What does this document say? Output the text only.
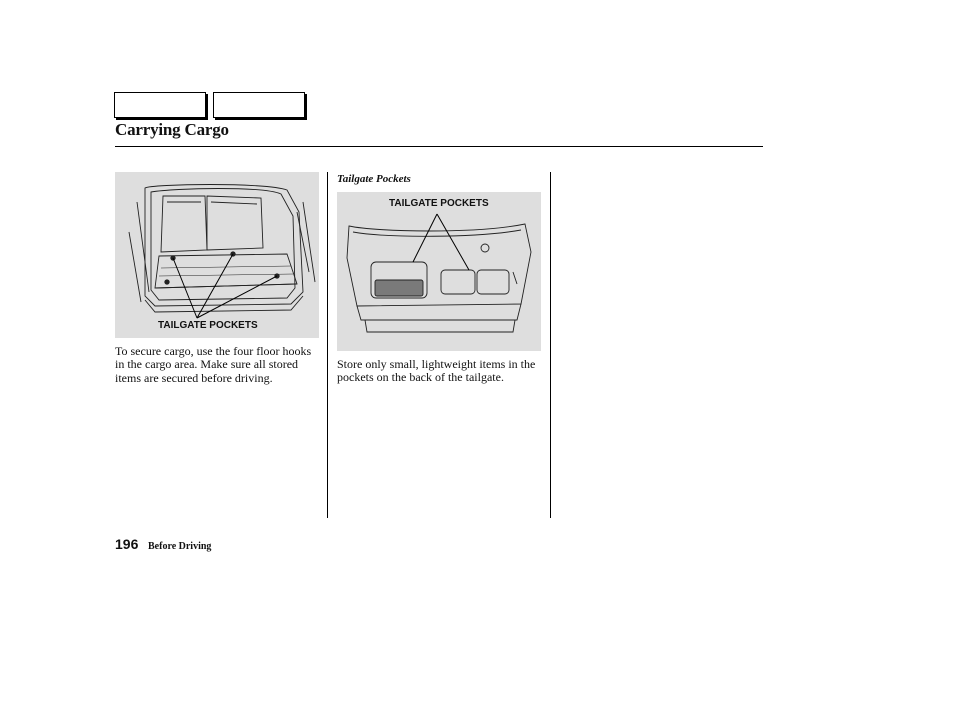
Carrying Cargo
TAILGATE POCKETS
TAILGATE POCKETS
Tailgate Pockets
To secure cargo, use the four floor hooks in the cargo area. Make sure all stored items are secured before driving.
Store only small, lightweight items in the pockets on the back of the tailgate.
196 Before Driving
